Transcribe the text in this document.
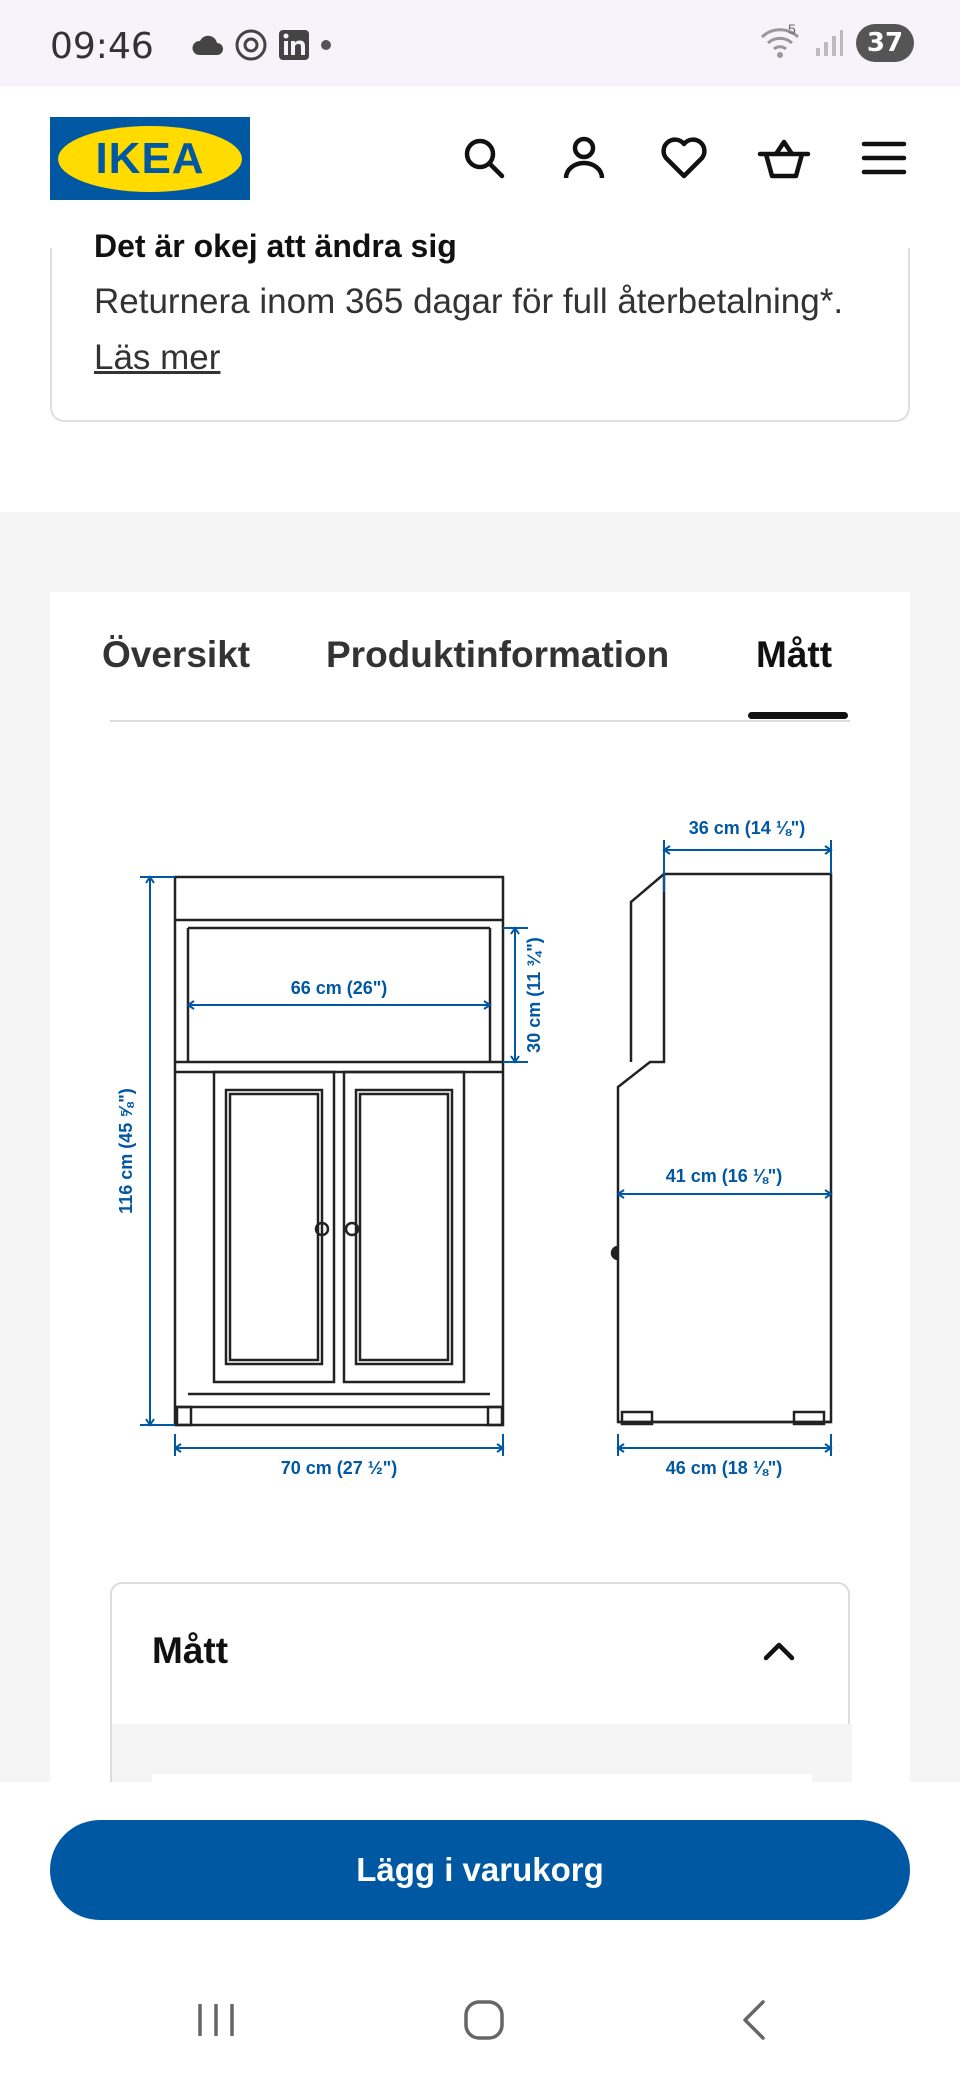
09:46	5	37
IKEA
Det är okej att ändra sig
Returnera inom 365 dagar för full återbetalning*. Läs mer
Översikt Produktinformation Mått
66 cm (26")	30 cm (11 ¾")
116 cm (45 ⅝")
70 cm (27 ½")
36 cm (14 ⅛")
41 cm (16 ⅛")
46 cm (18 ⅛")
Mått
Lägg i varukorg
